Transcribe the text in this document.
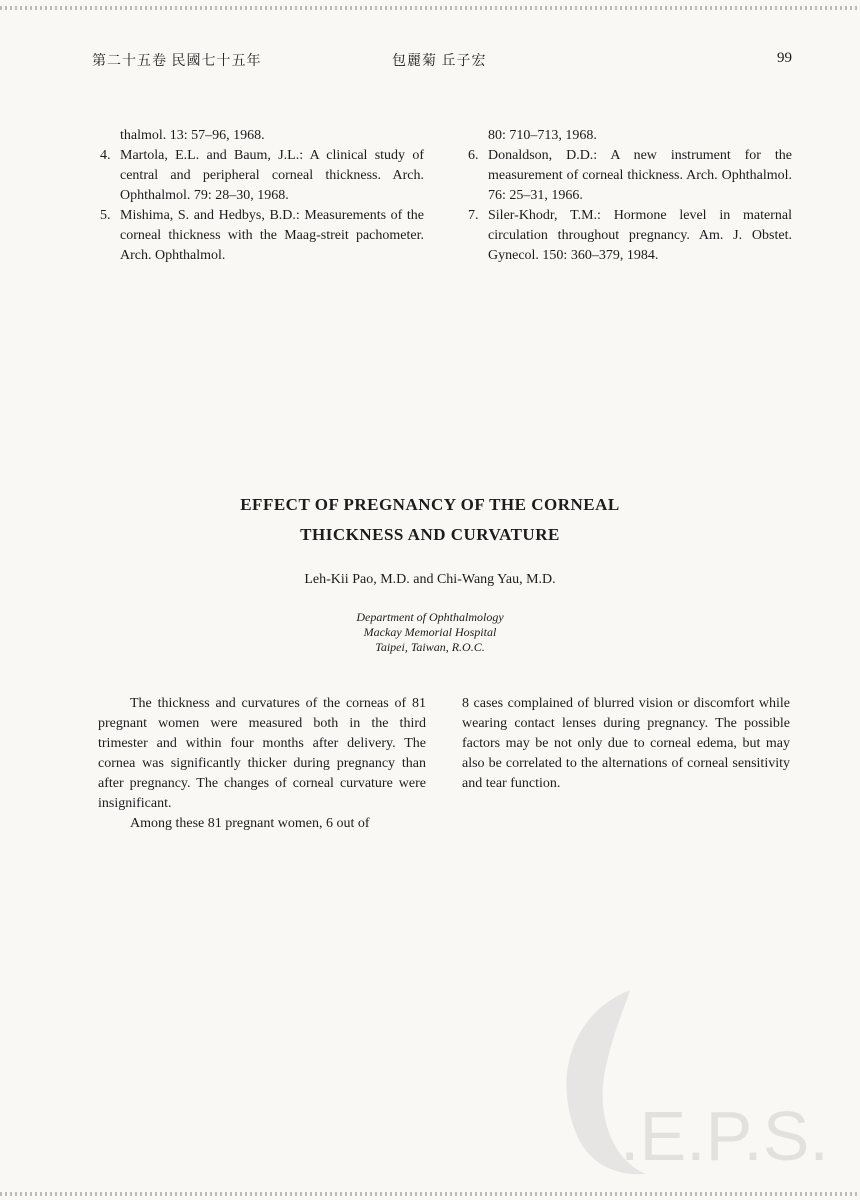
第二十五卷 民國七十五年	包麗菊 丘子宏	99

thalmol. 13: 57–96, 1968.

4. Martola, E.L. and Baum, J.L.: A clinical study of central and peripheral corneal thickness. Arch. Ophthalmol. 79: 28–30, 1968.

5. Mishima, S. and Hedbys, B.D.: Measurements of the corneal thickness with the Maag-streit pachometer. Arch. Ophthalmol.

80: 710–713, 1968.

6. Donaldson, D.D.: A new instrument for the measurement of corneal thickness. Arch. Ophthalmol. 76: 25–31, 1966.

7. Siler-Khodr, T.M.: Hormone level in maternal circulation throughout pregnancy. Am. J. Obstet. Gynecol. 150: 360–379, 1984.

EFFECT OF PREGNANCY OF THE CORNEAL
THICKNESS AND CURVATURE
Leh-Kii Pao, M.D. and Chi-Wang Yau, M.D.
Department of Ophthalmology
Mackay Memorial Hospital
Taipei, Taiwan, R.O.C.

The thickness and curvatures of the corneas of 81 pregnant women were measured both in the third trimester and within four months after delivery. The cornea was significantly thicker during pregnancy than after pregnancy. The changes of corneal curvature were insignificant.

Among these 81 pregnant women, 6 out of

8 cases complained of blurred vision or discomfort while wearing contact lenses during pregnancy. The possible factors may be not only due to corneal edema, but may also be correlated to the alternations of corneal sensitivity and tear function.

.E.P.S.
